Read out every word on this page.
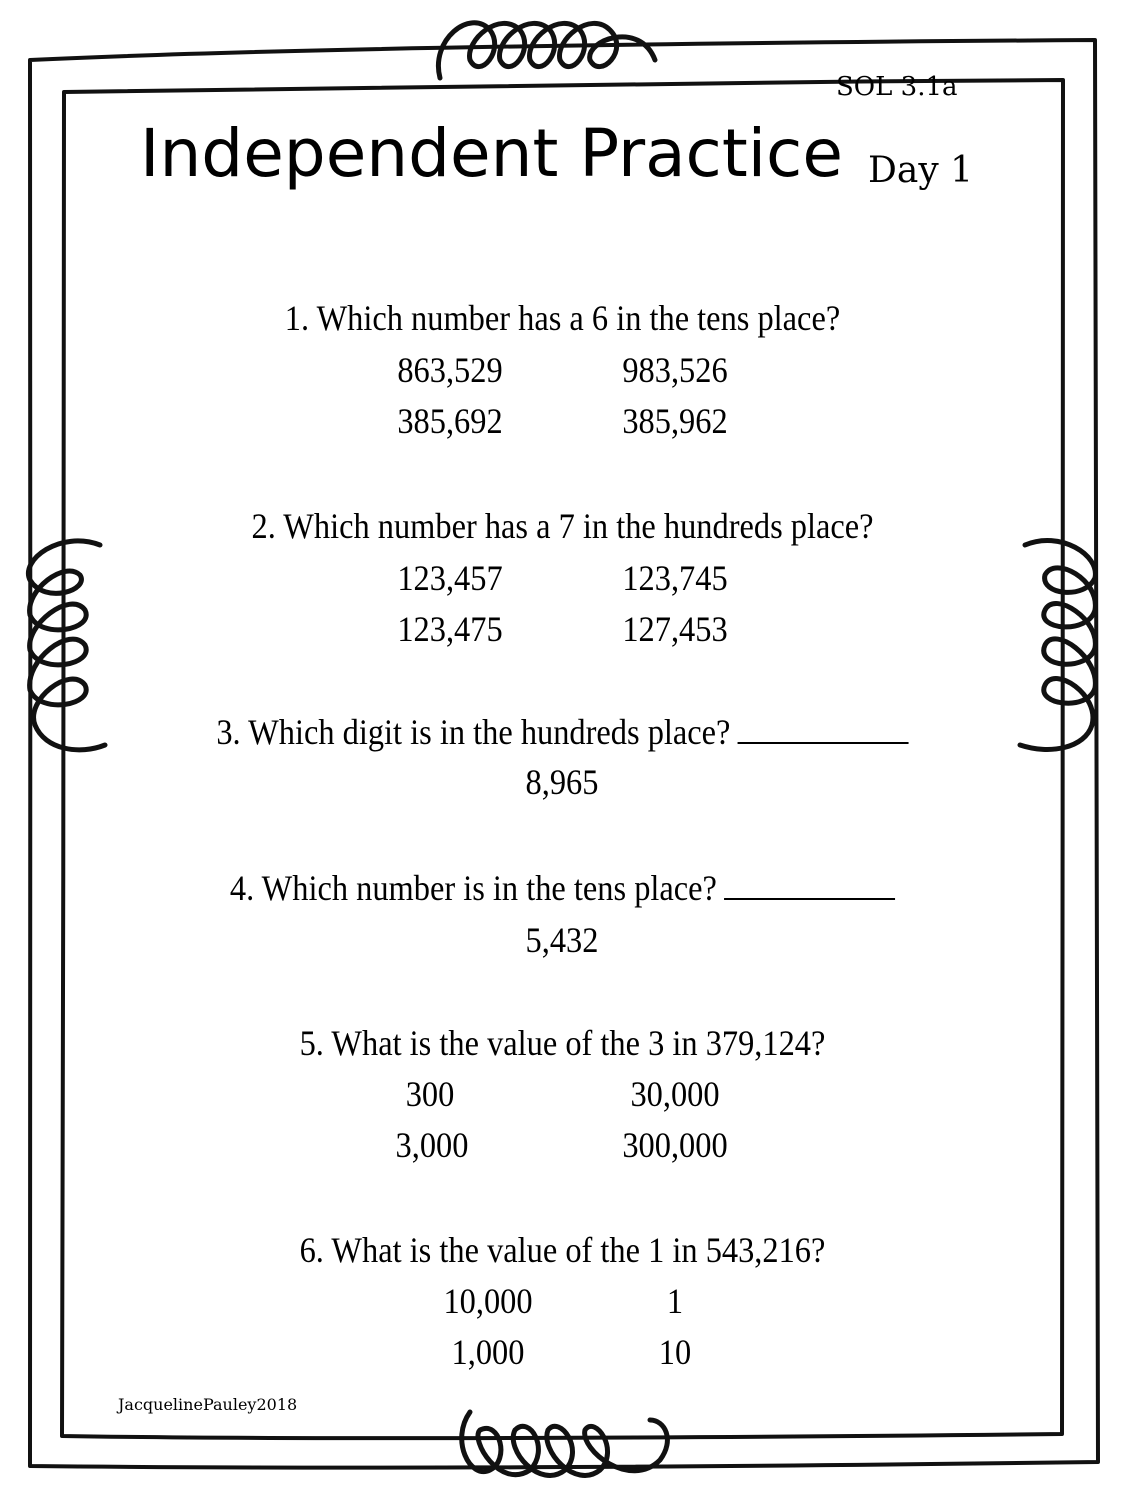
SOL 3.1a
Independent Practice Day 1
1. Which number has a 6 in the tens place?
863,529	983,526
385,692	385,962
2. Which number has a 7 in the hundreds place?
123,457	123,745
123,475	127,453
3. Which digit is in the hundreds place?
8,965
4. Which number is in the tens place?
5,432
5. What is the value of the 3 in 379,124?
300	30,000
3,000	300,000
6. What is the value of the 1 in 543,216?
10,000	1
1,000	10
JacquelinePauley2018
